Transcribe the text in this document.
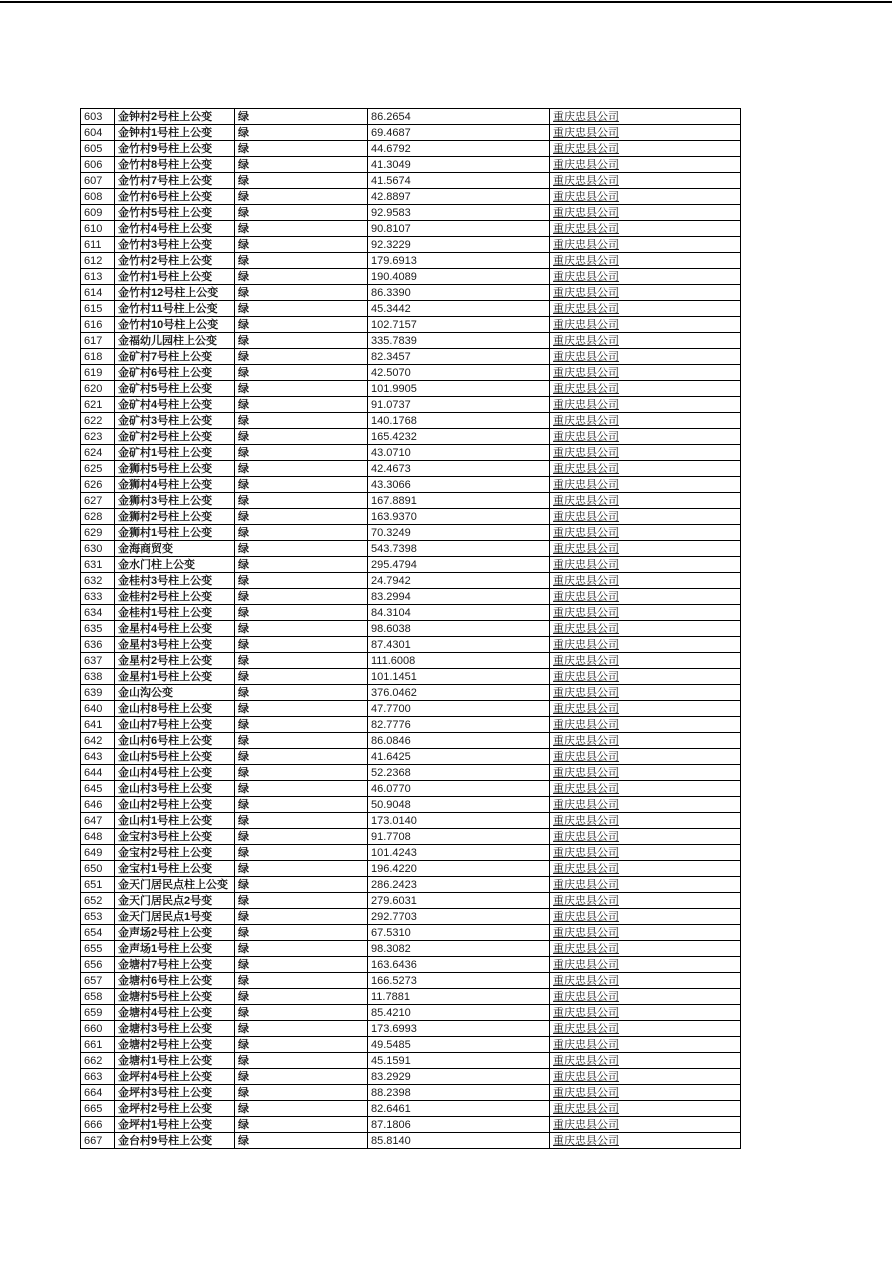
603	金钟村2号柱上公变	绿	86.2654	重庆忠县公司
604	金钟村1号柱上公变	绿	69.4687	重庆忠县公司
605	金竹村9号柱上公变	绿	44.6792	重庆忠县公司
606	金竹村8号柱上公变	绿	41.3049	重庆忠县公司
607	金竹村7号柱上公变	绿	41.5674	重庆忠县公司
608	金竹村6号柱上公变	绿	42.8897	重庆忠县公司
609	金竹村5号柱上公变	绿	92.9583	重庆忠县公司
610	金竹村4号柱上公变	绿	90.8107	重庆忠县公司
611	金竹村3号柱上公变	绿	92.3229	重庆忠县公司
612	金竹村2号柱上公变	绿	179.6913	重庆忠县公司
613	金竹村1号柱上公变	绿	190.4089	重庆忠县公司
614	金竹村12号柱上公变	绿	86.3390	重庆忠县公司
615	金竹村11号柱上公变	绿	45.3442	重庆忠县公司
616	金竹村10号柱上公变	绿	102.7157	重庆忠县公司
617	金福幼儿园柱上公变	绿	335.7839	重庆忠县公司
618	金矿村7号柱上公变	绿	82.3457	重庆忠县公司
619	金矿村6号柱上公变	绿	42.5070	重庆忠县公司
620	金矿村5号柱上公变	绿	101.9905	重庆忠县公司
621	金矿村4号柱上公变	绿	91.0737	重庆忠县公司
622	金矿村3号柱上公变	绿	140.1768	重庆忠县公司
623	金矿村2号柱上公变	绿	165.4232	重庆忠县公司
624	金矿村1号柱上公变	绿	43.0710	重庆忠县公司
625	金狮村5号柱上公变	绿	42.4673	重庆忠县公司
626	金狮村4号柱上公变	绿	43.3066	重庆忠县公司
627	金狮村3号柱上公变	绿	167.8891	重庆忠县公司
628	金狮村2号柱上公变	绿	163.9370	重庆忠县公司
629	金狮村1号柱上公变	绿	70.3249	重庆忠县公司
630	金海商贸变	绿	543.7398	重庆忠县公司
631	金水门柱上公变	绿	295.4794	重庆忠县公司
632	金桂村3号柱上公变	绿	24.7942	重庆忠县公司
633	金桂村2号柱上公变	绿	83.2994	重庆忠县公司
634	金桂村1号柱上公变	绿	84.3104	重庆忠县公司
635	金星村4号柱上公变	绿	98.6038	重庆忠县公司
636	金星村3号柱上公变	绿	87.4301	重庆忠县公司
637	金星村2号柱上公变	绿	111.6008	重庆忠县公司
638	金星村1号柱上公变	绿	101.1451	重庆忠县公司
639	金山沟公变	绿	376.0462	重庆忠县公司
640	金山村8号柱上公变	绿	47.7700	重庆忠县公司
641	金山村7号柱上公变	绿	82.7776	重庆忠县公司
642	金山村6号柱上公变	绿	86.0846	重庆忠县公司
643	金山村5号柱上公变	绿	41.6425	重庆忠县公司
644	金山村4号柱上公变	绿	52.2368	重庆忠县公司
645	金山村3号柱上公变	绿	46.0770	重庆忠县公司
646	金山村2号柱上公变	绿	50.9048	重庆忠县公司
647	金山村1号柱上公变	绿	173.0140	重庆忠县公司
648	金宝村3号柱上公变	绿	91.7708	重庆忠县公司
649	金宝村2号柱上公变	绿	101.4243	重庆忠县公司
650	金宝村1号柱上公变	绿	196.4220	重庆忠县公司
651	金天门居民点柱上公变	绿	286.2423	重庆忠县公司
652	金天门居民点2号变	绿	279.6031	重庆忠县公司
653	金天门居民点1号变	绿	292.7703	重庆忠县公司
654	金声场2号柱上公变	绿	67.5310	重庆忠县公司
655	金声场1号柱上公变	绿	98.3082	重庆忠县公司
656	金塘村7号柱上公变	绿	163.6436	重庆忠县公司
657	金塘村6号柱上公变	绿	166.5273	重庆忠县公司
658	金塘村5号柱上公变	绿	11.7881	重庆忠县公司
659	金塘村4号柱上公变	绿	85.4210	重庆忠县公司
660	金塘村3号柱上公变	绿	173.6993	重庆忠县公司
661	金塘村2号柱上公变	绿	49.5485	重庆忠县公司
662	金塘村1号柱上公变	绿	45.1591	重庆忠县公司
663	金坪村4号柱上公变	绿	83.2929	重庆忠县公司
664	金坪村3号柱上公变	绿	88.2398	重庆忠县公司
665	金坪村2号柱上公变	绿	82.6461	重庆忠县公司
666	金坪村1号柱上公变	绿	87.1806	重庆忠县公司
667	金台村9号柱上公变	绿	85.8140	重庆忠县公司
